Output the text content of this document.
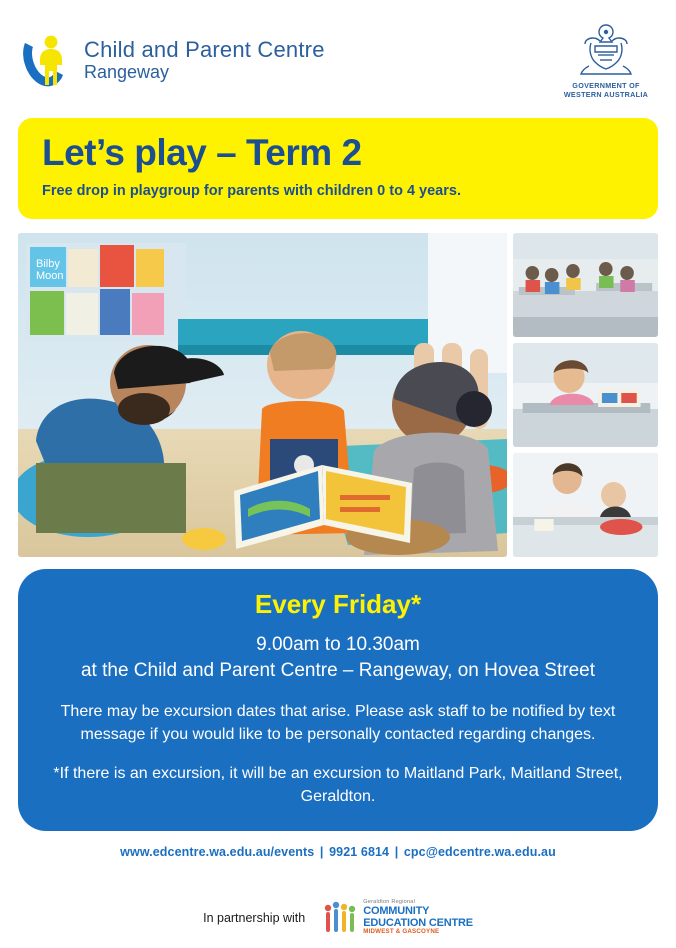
Child and Parent Centre
Rangeway
GOVERNMENT OF
WESTERN AUSTRALIA
Let’s play – Term 2

Free drop in playgroup for parents with children 0 to 4 years.

Bilby
Moon
Every Friday*
9.00am to 10.30am
at the Child and Parent Centre – Rangeway, on Hovea Street
There may be excursion dates that arise. Please ask staff to be notified by text message if you would like to be personally contacted regarding changes.
*If there is an excursion, it will be an excursion to Maitland Park, Maitland Street, Geraldton.
www.edcentre.wa.edu.au/events | 9921 6814 | cpc@edcentre.wa.edu.au
In partnership with
Geraldton Regional
COMMUNITY
EDUCATION CENTRE
MIDWEST & GASCOYNE
